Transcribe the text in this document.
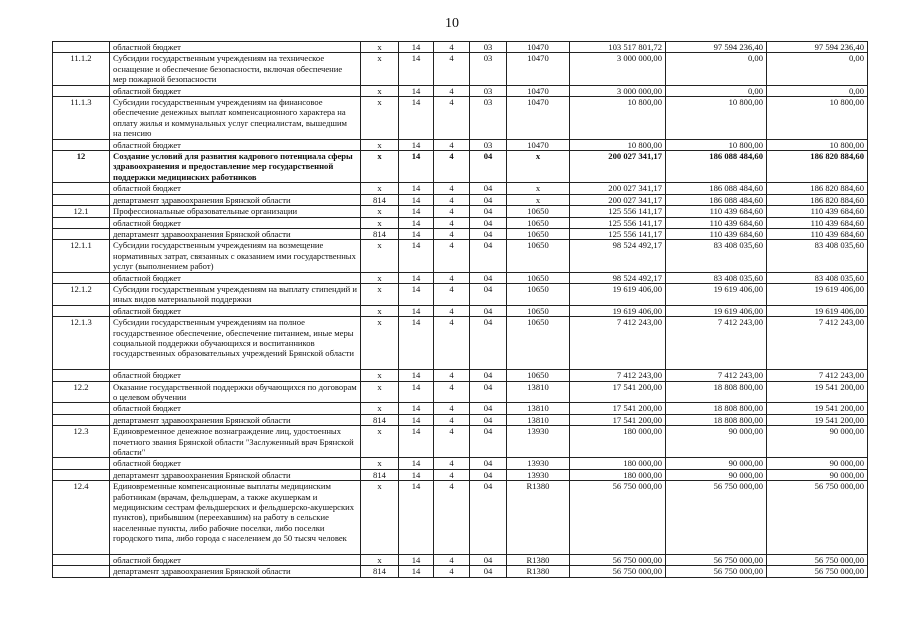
10
	областной бюджет	х	14	4	03	10470	103 517 801,72	97 594 236,40	97 594 236,40
11.1.2	Субсидии государственным учреждениям на техническое оснащение и обеспечение безопасности, включая обеспечение мер пожарной безопасности	х	14	4	03	10470	3 000 000,00	0,00	0,00
	областной бюджет	х	14	4	03	10470	3 000 000,00	0,00	0,00
11.1.3	Субсидии государственным учреждениям на финансовое обеспечение денежных выплат компенсационного характера на оплату жилья и коммунальных услуг специалистам, вышедшим на пенсию	х	14	4	03	10470	10 800,00	10 800,00	10 800,00
	областной бюджет	х	14	4	03	10470	10 800,00	10 800,00	10 800,00
12	Создание условий для развития кадрового потенциала сферы здравоохранения и предоставление мер государственной поддержки медицинских работников	х	14	4	04	х	200 027 341,17	186 088 484,60	186 820 884,60
	областной бюджет	х	14	4	04	х	200 027 341,17	186 088 484,60	186 820 884,60
	департамент здравоохранения Брянской области	814	14	4	04	х	200 027 341,17	186 088 484,60	186 820 884,60
12.1	Профессиональные образовательные организации	х	14	4	04	10650	125 556 141,17	110 439 684,60	110 439 684,60
	областной бюджет	х	14	4	04	10650	125 556 141,17	110 439 684,60	110 439 684,60
	департамент здравоохранения Брянской области	814	14	4	04	10650	125 556 141,17	110 439 684,60	110 439 684,60
12.1.1	Субсидии государственным учреждениям на возмещение нормативных затрат, связанных с оказанием ими государственных услуг (выполнением работ)	х	14	4	04	10650	98 524 492,17	83 408 035,60	83 408 035,60
	областной бюджет	х	14	4	04	10650	98 524 492,17	83 408 035,60	83 408 035,60
12.1.2	Субсидии государственным учреждениям на выплату стипендий и иных видов материальной поддержки	х	14	4	04	10650	19 619 406,00	19 619 406,00	19 619 406,00
	областной бюджет	х	14	4	04	10650	19 619 406,00	19 619 406,00	19 619 406,00
12.1.3	Субсидии государственным учреждениям на полное государственное обеспечение, обеспечение питанием, иные меры социальной поддержки обучающихся и воспитанников государственных образовательных учреждений Брянской области	х	14	4	04	10650	7 412 243,00	7 412 243,00	7 412 243,00
	областной бюджет	х	14	4	04	10650	7 412 243,00	7 412 243,00	7 412 243,00
12.2	Оказание государственной поддержки обучающихся по договорам о целевом обучении	х	14	4	04	13810	17 541 200,00	18 808 800,00	19 541 200,00
	областной бюджет	х	14	4	04	13810	17 541 200,00	18 808 800,00	19 541 200,00
	департамент здравоохранения Брянской области	814	14	4	04	13810	17 541 200,00	18 808 800,00	19 541 200,00
12.3	Единовременное денежное вознаграждение лиц, удостоенных почетного звания Брянской области "Заслуженный врач Брянской области"	х	14	4	04	13930	180 000,00	90 000,00	90 000,00
	областной бюджет	х	14	4	04	13930	180 000,00	90 000,00	90 000,00
	департамент здравоохранения Брянской области	814	14	4	04	13930	180 000,00	90 000,00	90 000,00
12.4	Единовременные компенсационные выплаты медицинским работникам (врачам, фельдшерам, а также акушеркам и медицинским сестрам фельдшерских и фельдшерско-акушерских пунктов), прибывшим (переехавшим) на работу в сельские населенные пункты, либо рабочие поселки, либо поселки городского типа, либо города с населением до 50 тысяч человек	х	14	4	04	R1380	56 750 000,00	56 750 000,00	56 750 000,00
	областной бюджет	х	14	4	04	R1380	56 750 000,00	56 750 000,00	56 750 000,00
	департамент здравоохранения Брянской области	814	14	4	04	R1380	56 750 000,00	56 750 000,00	56 750 000,00
